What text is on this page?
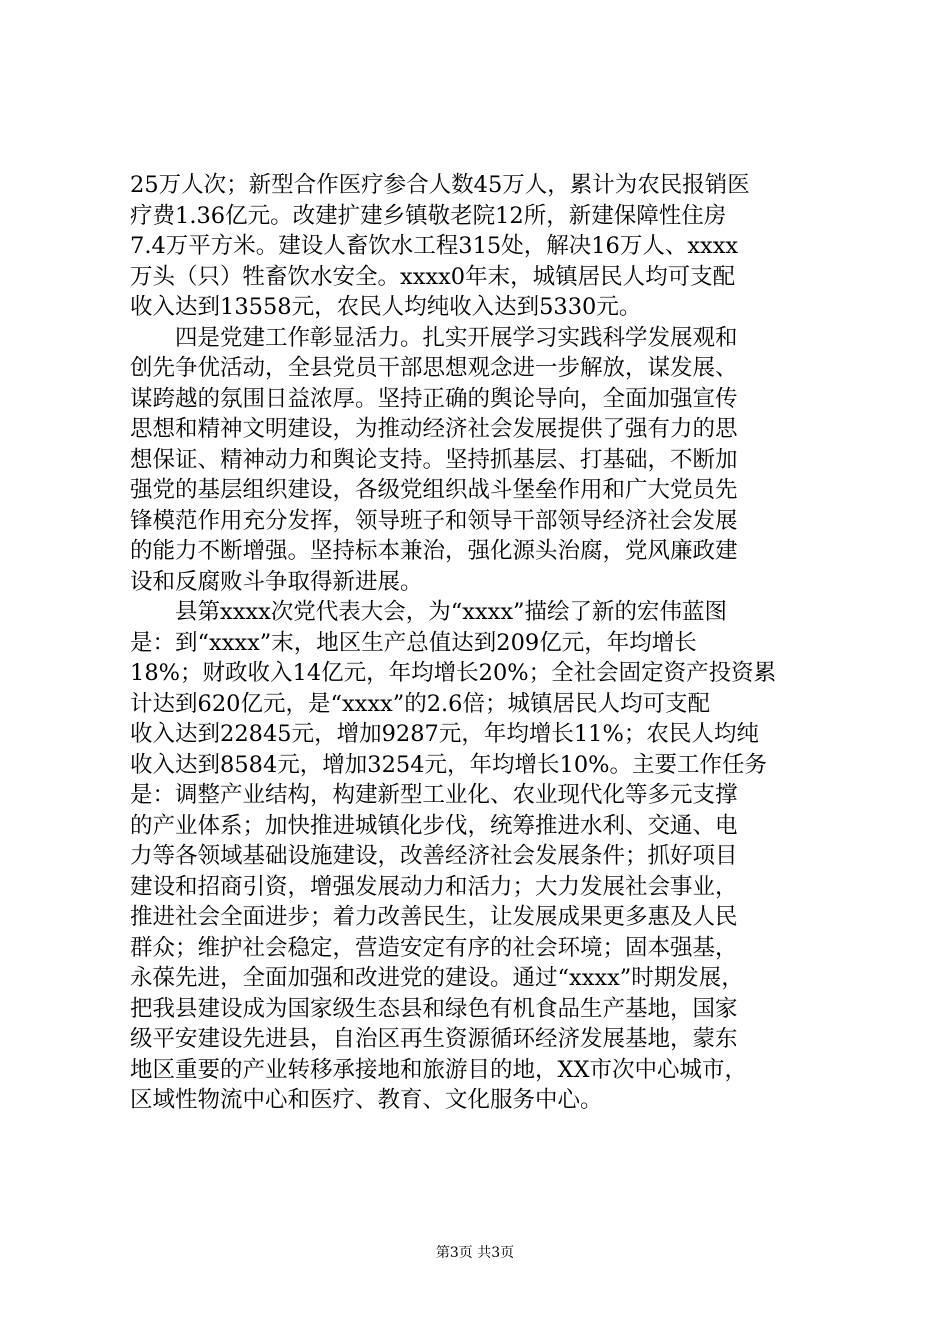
25万人次；新型合作医疗参合人数45万人，累计为农民报销医
疗费1.36亿元。改建扩建乡镇敬老院12所，新建保障性住房
7.4万平方米。建设人畜饮水工程315处，解决16万人、xxxx
万头（只）牲畜饮水安全。xxxx0年末，城镇居民人均可支配
收入达到13558元，农民人均纯收入达到5330元。
　　四是党建工作彰显活力。扎实开展学习实践科学发展观和
创先争优活动，全县党员干部思想观念进一步解放，谋发展、
谋跨越的氛围日益浓厚。坚持正确的舆论导向，全面加强宣传
思想和精神文明建设，为推动经济社会发展提供了强有力的思
想保证、精神动力和舆论支持。坚持抓基层、打基础，不断加
强党的基层组织建设，各级党组织战斗堡垒作用和广大党员先
锋模范作用充分发挥，领导班子和领导干部领导经济社会发展
的能力不断增强。坚持标本兼治，强化源头治腐，党风廉政建
设和反腐败斗争取得新进展。
　　县第xxxx次党代表大会，为“xxxx”描绘了新的宏伟蓝图
是：到“xxxx”末，地区生产总值达到209亿元，年均增长
18%；财政收入14亿元，年均增长20%；全社会固定资产投资累
计达到620亿元，是“xxxx”的2.6倍；城镇居民人均可支配
收入达到22845元，增加9287元，年均增长11%；农民人均纯
收入达到8584元，增加3254元，年均增长10%。主要工作任务
是：调整产业结构，构建新型工业化、农业现代化等多元支撑
的产业体系；加快推进城镇化步伐，统筹推进水利、交通、电
力等各领域基础设施建设，改善经济社会发展条件；抓好项目
建设和招商引资，增强发展动力和活力；大力发展社会事业，
推进社会全面进步；着力改善民生，让发展成果更多惠及人民
群众；维护社会稳定，营造安定有序的社会环境；固本强基，
永葆先进，全面加强和改进党的建设。通过“xxxx”时期发展，
把我县建设成为国家级生态县和绿色有机食品生产基地，国家
级平安建设先进县，自治区再生资源循环经济发展基地，蒙东
地区重要的产业转移承接地和旅游目的地，XX市次中心城市，
区域性物流中心和医疗、教育、文化服务中心。
第3页 共3页
